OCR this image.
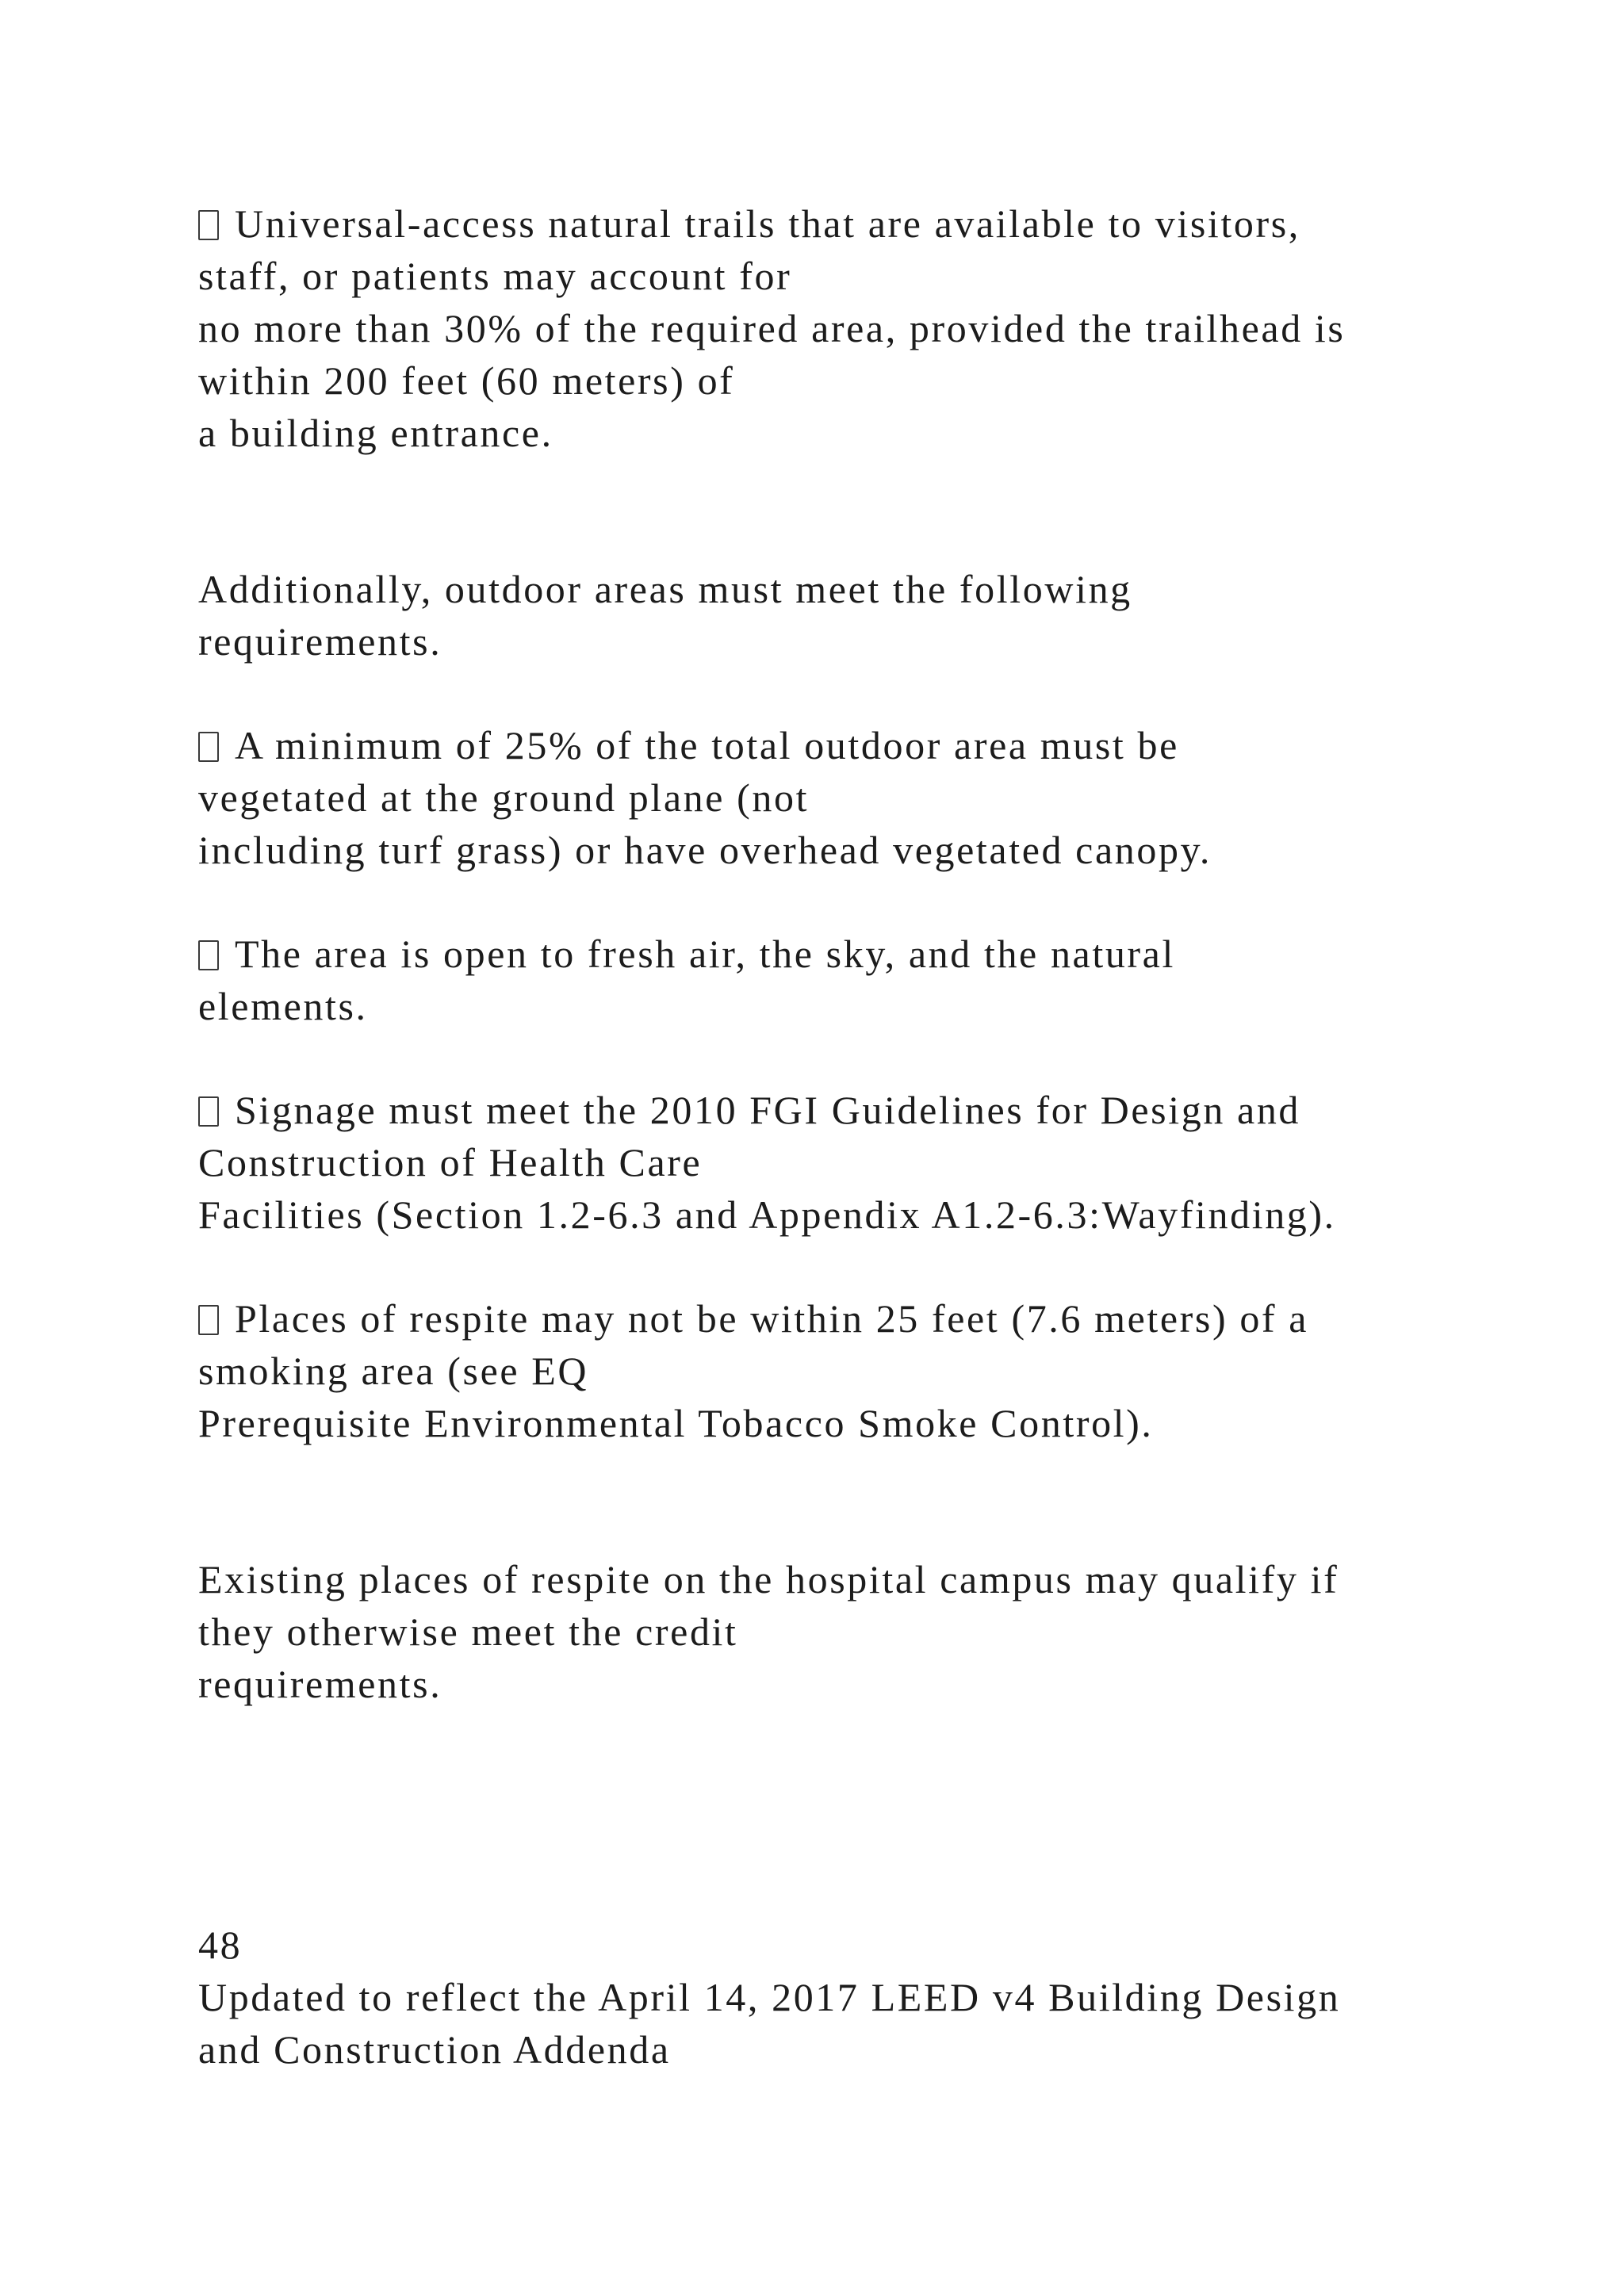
Universal-access natural trails that are available to visitors,

staff, or patients may account for

no more than 30% of the required area, provided the trailhead is

within 200 feet (60 meters) of

a building entrance.

Additionally, outdoor areas must meet the following

requirements.

A minimum of 25% of the total outdoor area must be

vegetated at the ground plane (not

including turf grass) or have overhead vegetated canopy.

The area is open to fresh air, the sky, and the natural

elements.

Signage must meet the 2010 FGI Guidelines for Design and

Construction of Health Care

Facilities (Section 1.2-6.3 and Appendix A1.2-6.3:Wayfinding).

Places of respite may not be within 25 feet (7.6 meters) of a

smoking area (see EQ

Prerequisite Environmental Tobacco Smoke Control).

Existing places of respite on the hospital campus may qualify if

they otherwise meet the credit

requirements.

48

Updated to reflect the April 14, 2017 LEED v4 Building Design

and Construction Addenda
